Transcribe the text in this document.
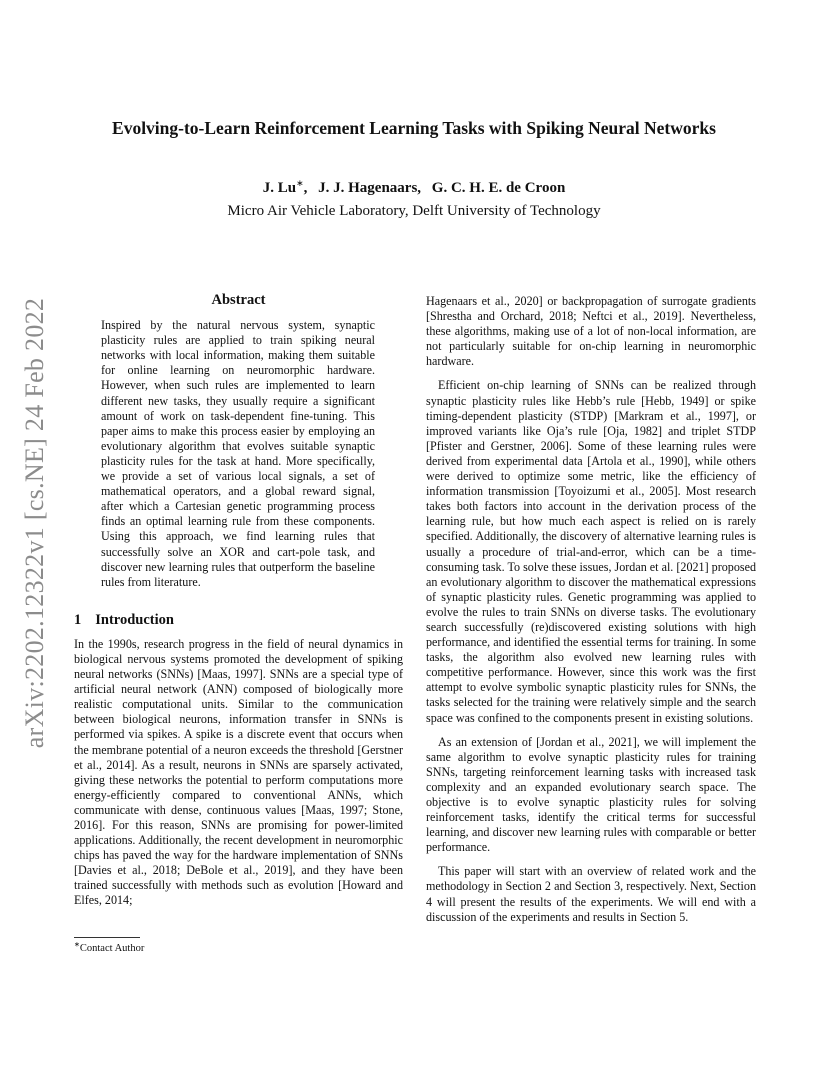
arXiv:2202.12322v1 [cs.NE] 24 Feb 2022
Evolving-to-Learn Reinforcement Learning Tasks with Spiking Neural Networks
J. Lu∗, J. J. Hagenaars, G. C. H. E. de Croon
Micro Air Vehicle Laboratory, Delft University of Technology
Abstract

Inspired by the natural nervous system, synaptic plasticity rules are applied to train spiking neural networks with local information, making them suitable for online learning on neuromorphic hardware. However, when such rules are implemented to learn different new tasks, they usually require a significant amount of work on task-dependent fine-tuning. This paper aims to make this process easier by employing an evolutionary algorithm that evolves suitable synaptic plasticity rules for the task at hand. More specifically, we provide a set of various local signals, a set of mathematical operators, and a global reward signal, after which a Cartesian genetic programming process finds an optimal learning rule from these components. Using this approach, we find learning rules that successfully solve an XOR and cart-pole task, and discover new learning rules that outperform the baseline rules from literature.

1 Introduction

In the 1990s, research progress in the field of neural dynamics in biological nervous systems promoted the development of spiking neural networks (SNNs) [Maas, 1997]. SNNs are a special type of artificial neural network (ANN) composed of biologically more realistic computational units. Similar to the communication between biological neurons, information transfer in SNNs is performed via spikes. A spike is a discrete event that occurs when the membrane potential of a neuron exceeds the threshold [Gerstner et al., 2014]. As a result, neurons in SNNs are sparsely activated, giving these networks the potential to perform computations more energy-efficiently compared to conventional ANNs, which communicate with dense, continuous values [Maas, 1997; Stone, 2016]. For this reason, SNNs are promising for power-limited applications. Additionally, the recent development in neuromorphic chips has paved the way for the hardware implementation of SNNs [Davies et al., 2018; DeBole et al., 2019], and they have been trained successfully with methods such as evolution [Howard and Elfes, 2014;

Hagenaars et al., 2020] or backpropagation of surrogate gradients [Shrestha and Orchard, 2018; Neftci et al., 2019]. Nevertheless, these algorithms, making use of a lot of non-local information, are not particularly suitable for on-chip learning in neuromorphic hardware.

Efficient on-chip learning of SNNs can be realized through synaptic plasticity rules like Hebb’s rule [Hebb, 1949] or spike timing-dependent plasticity (STDP) [Markram et al., 1997], or improved variants like Oja’s rule [Oja, 1982] and triplet STDP [Pfister and Gerstner, 2006]. Some of these learning rules were derived from experimental data [Artola et al., 1990], while others were derived to optimize some metric, like the efficiency of information transmission [Toyoizumi et al., 2005]. Most research takes both factors into account in the derivation process of the learning rule, but how much each aspect is relied on is rarely specified. Additionally, the discovery of alternative learning rules is usually a procedure of trial-and-error, which can be a time-consuming task. To solve these issues, Jordan et al. [2021] proposed an evolutionary algorithm to discover the mathematical expressions of synaptic plasticity rules. Genetic programming was applied to evolve the rules to train SNNs on diverse tasks. The evolutionary search successfully (re)discovered existing solutions with high performance, and identified the essential terms for training. In some tasks, the algorithm also evolved new learning rules with competitive performance. However, since this work was the first attempt to evolve symbolic synaptic plasticity rules for SNNs, the tasks selected for the training were relatively simple and the search space was confined to the components present in existing solutions.

As an extension of [Jordan et al., 2021], we will implement the same algorithm to evolve synaptic plasticity rules for training SNNs, targeting reinforcement learning tasks with increased task complexity and an expanded evolutionary search space. The objective is to evolve synaptic plasticity rules for solving reinforcement tasks, identify the critical terms for successful learning, and discover new learning rules with comparable or better performance.

This paper will start with an overview of related work and the methodology in Section 2 and Section 3, respectively. Next, Section 4 will present the results of the experiments. We will end with a discussion of the experiments and results in Section 5.

∗Contact Author
